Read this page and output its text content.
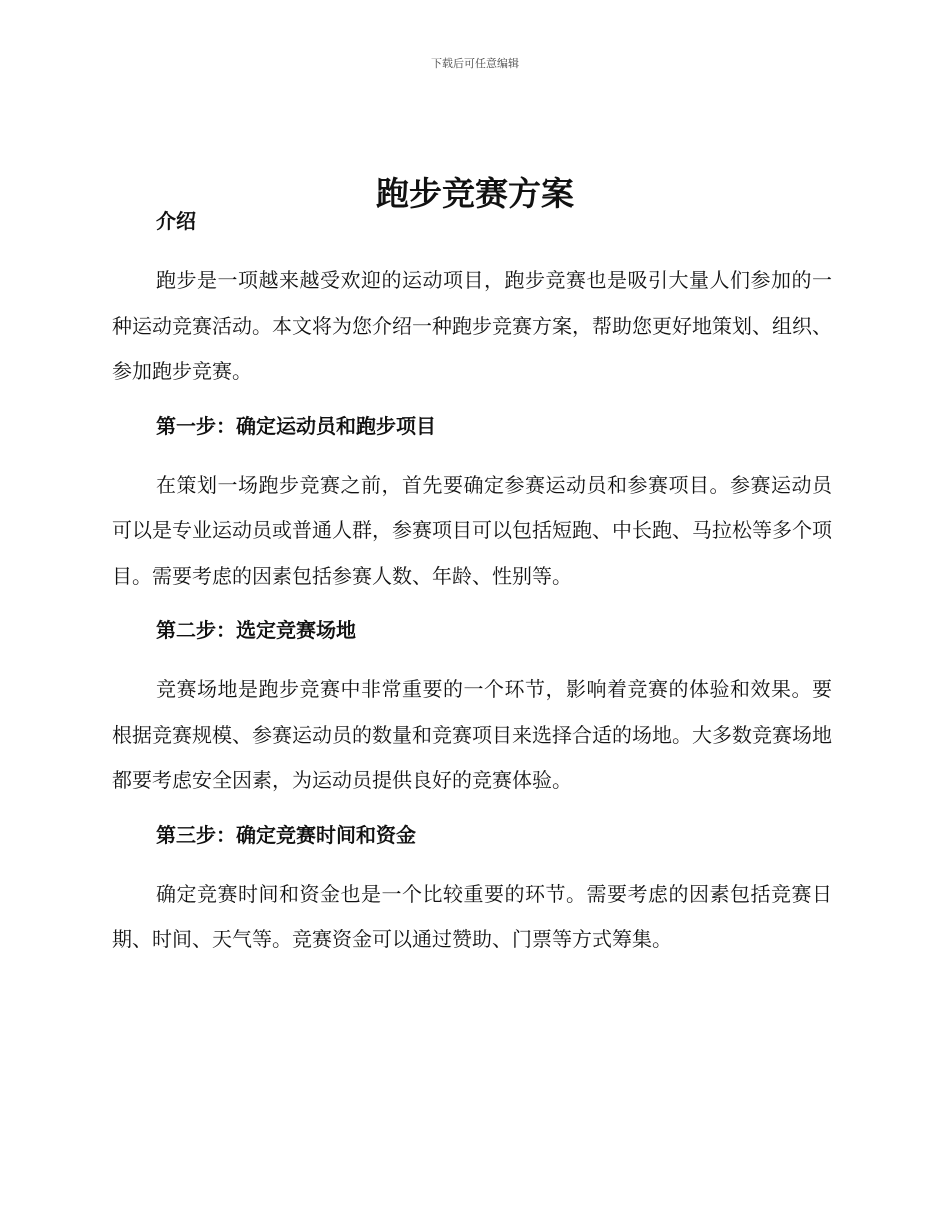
下载后可任意编辑
跑步竞赛方案
介绍

跑步是一项越来越受欢迎的运动项目，跑步竞赛也是吸引大量人们参加的一种运动竞赛活动。本文将为您介绍一种跑步竞赛方案，帮助您更好地策划、组织、参加跑步竞赛。

第一步：确定运动员和跑步项目

在策划一场跑步竞赛之前，首先要确定参赛运动员和参赛项目。参赛运动员可以是专业运动员或普通人群，参赛项目可以包括短跑、中长跑、马拉松等多个项目。需要考虑的因素包括参赛人数、年龄、性别等。

第二步：选定竞赛场地

竞赛场地是跑步竞赛中非常重要的一个环节，影响着竞赛的体验和效果。要根据竞赛规模、参赛运动员的数量和竞赛项目来选择合适的场地。大多数竞赛场地都要考虑安全因素，为运动员提供良好的竞赛体验。

第三步：确定竞赛时间和资金

确定竞赛时间和资金也是一个比较重要的环节。需要考虑的因素包括竞赛日期、时间、天气等。竞赛资金可以通过赞助、门票等方式筹集。
